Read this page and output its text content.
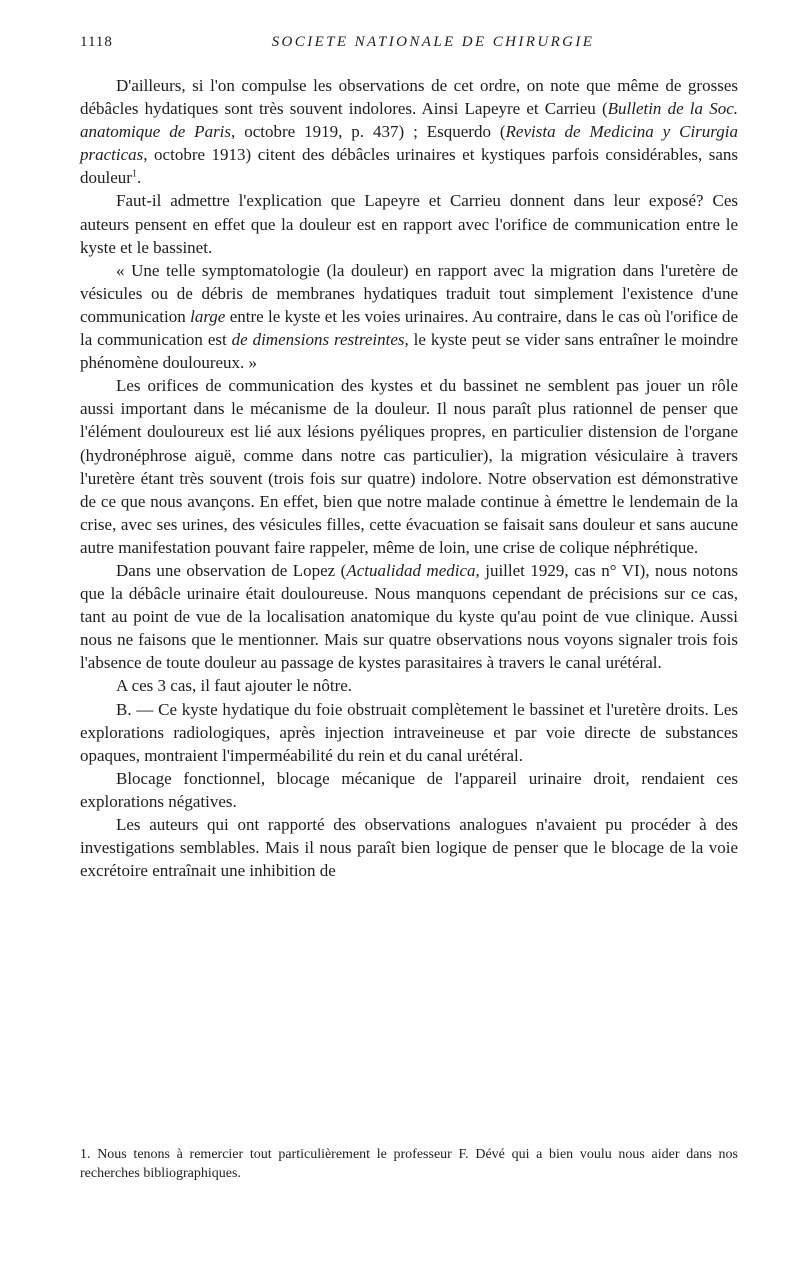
1118	SOCIETE NATIONALE DE CHIRURGIE

D'ailleurs, si l'on compulse les observations de cet ordre, on note que même de grosses débâcles hydatiques sont très souvent indolores. Ainsi Lapeyre et Carrieu (Bulletin de la Soc. anatomique de Paris, octobre 1919, p. 437) ; Esquerdo (Revista de Medicina y Cirurgia practicas, octobre 1913) citent des débâcles urinaires et kystiques parfois considérables, sans douleur$^1$.

Faut-il admettre l'explication que Lapeyre et Carrieu donnent dans leur exposé? Ces auteurs pensent en effet que la douleur est en rapport avec l'orifice de communication entre le kyste et le bassinet.

« Une telle symptomatologie (la douleur) en rapport avec la migration dans l'uretère de vésicules ou de débris de membranes hydatiques traduit tout simplement l'existence d'une communication large entre le kyste et les voies urinaires. Au contraire, dans le cas où l'orifice de la communication est de dimensions restreintes, le kyste peut se vider sans entraîner le moindre phénomène douloureux. »

Les orifices de communication des kystes et du bassinet ne semblent pas jouer un rôle aussi important dans le mécanisme de la douleur. Il nous paraît plus rationnel de penser que l'élément douloureux est lié aux lésions pyéliques propres, en particulier distension de l'organe (hydronéphrose aiguë, comme dans notre cas particulier), la migration vésiculaire à travers l'uretère étant très souvent (trois fois sur quatre) indolore. Notre observation est démonstrative de ce que nous avançons. En effet, bien que notre malade continue à émettre le lendemain de la crise, avec ses urines, des vésicules filles, cette évacuation se faisait sans douleur et sans aucune autre manifestation pouvant faire rappeler, même de loin, une crise de colique néphrétique.

Dans une observation de Lopez (Actualidad medica, juillet 1929, cas n° VI), nous notons que la débâcle urinaire était douloureuse. Nous manquons cependant de précisions sur ce cas, tant au point de vue de la localisation anatomique du kyste qu'au point de vue clinique. Aussi nous ne faisons que le mentionner. Mais sur quatre observations nous voyons signaler trois fois l'absence de toute douleur au passage de kystes parasitaires à travers le canal urétéral.

A ces 3 cas, il faut ajouter le nôtre.

B. — Ce kyste hydatique du foie obstruait complètement le bassinet et l'uretère droits. Les explorations radiologiques, après injection intraveineuse et par voie directe de substances opaques, montraient l'imperméabilité du rein et du canal urétéral.

Blocage fonctionnel, blocage mécanique de l'appareil urinaire droit, rendaient ces explorations négatives.

Les auteurs qui ont rapporté des observations analogues n'avaient pu procéder à des investigations semblables. Mais il nous paraît bien logique de penser que le blocage de la voie excrétoire entraînait une inhibition de

1. Nous tenons à remercier tout particulièrement le professeur F. Dévé qui a bien voulu nous aider dans nos recherches bibliographiques.
